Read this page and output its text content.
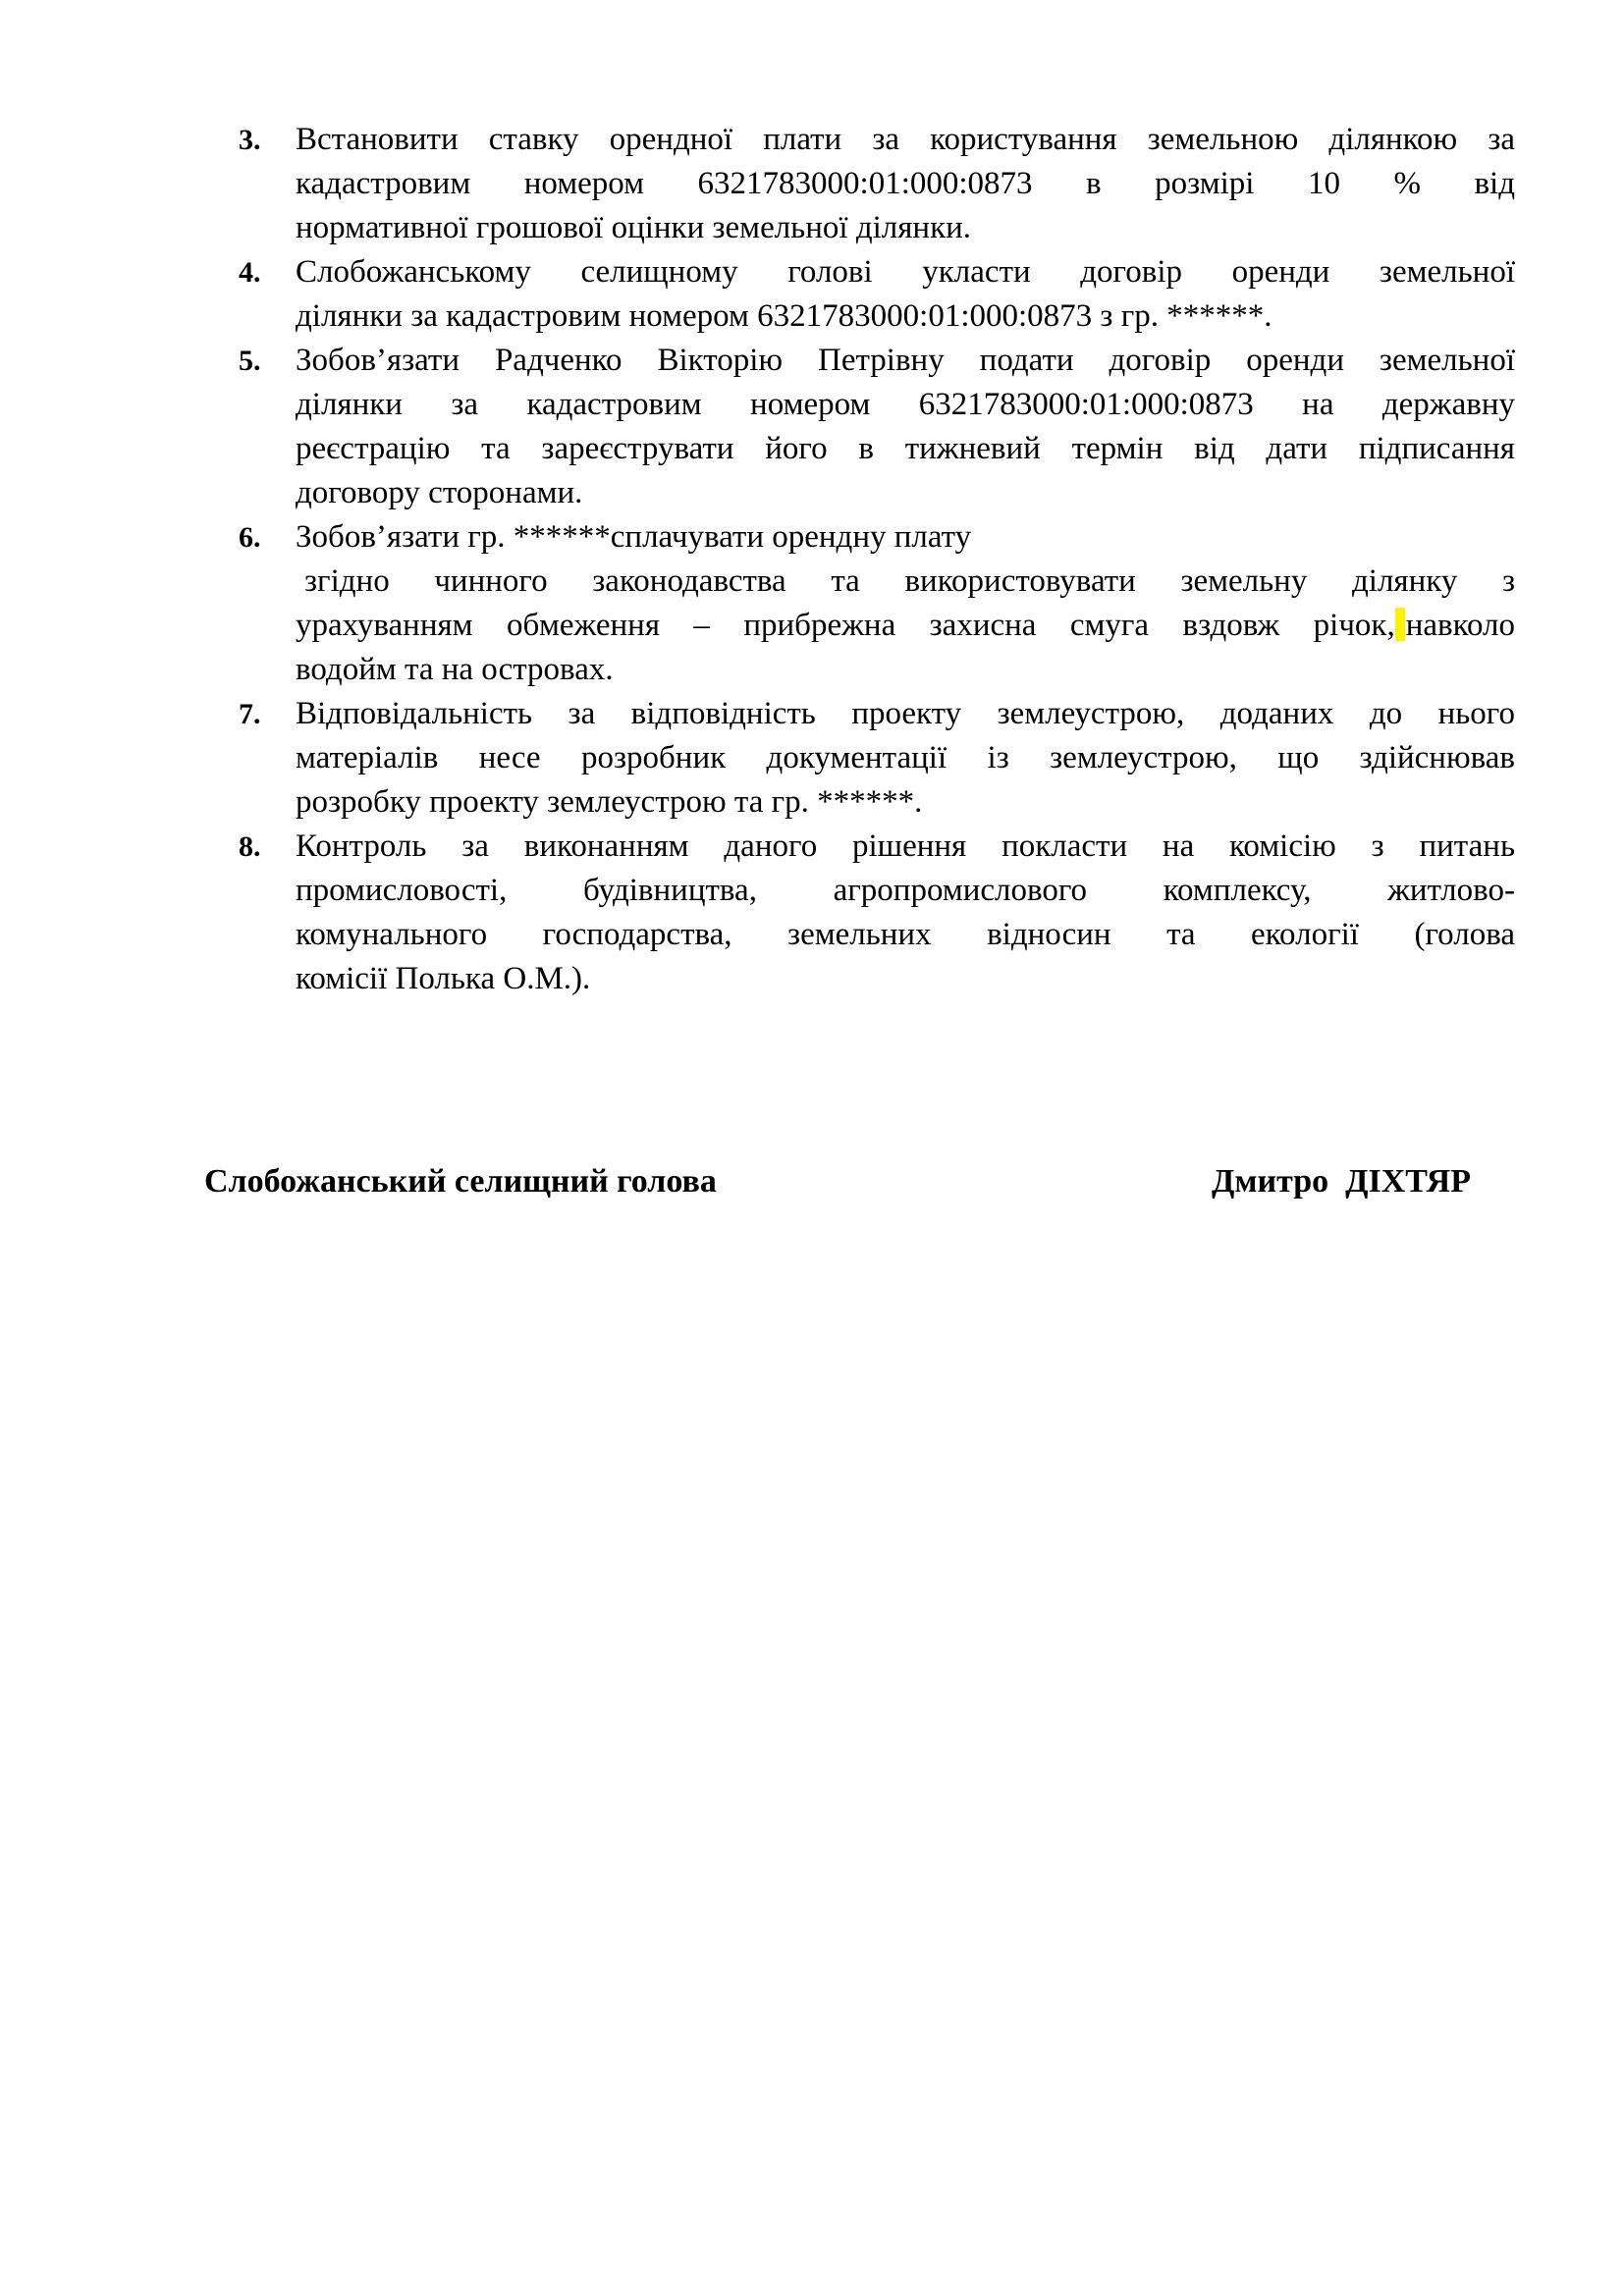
3. Встановити ставку орендної плати за користування земельною ділянкою за
кадастровим номером 6321783000:01:000:0873 в розмірі 10 % від
нормативної грошової оцінки земельної ділянки.
4. Слобожанському селищному голові укласти договір оренди земельної
ділянки за кадастровим номером 6321783000:01:000:0873 з гр. ******.
5. Зобов’язати Радченко Вікторію Петрівну подати договір оренди земельної
ділянки за кадастровим номером 6321783000:01:000:0873 на державну
реєстрацію та зареєструвати його в тижневий термін від дати підписання
договору сторонами.
6. Зобов’язати гр. ******сплачувати орендну плату
згідно чинного законодавства та використовувати земельну ділянку з
урахуванням обмеження – прибрежна захисна смуга вздовж річок, навколо
водойм та на островах.
7. Відповідальність за відповідність проекту землеустрою, доданих до нього
матеріалів несе розробник документації із землеустрою, що здійснював
розробку проекту землеустрою та гр. ******.
8. Контроль за виконанням даного рішення покласти на комісію з питань
промисловості, будівництва, агропромислового комплексу, житлово-
комунального господарства, земельних відносин та екології (голова
комісії Полька О.М.).
Слобожанський селищний голова	Дмитро  ДІХТЯР
